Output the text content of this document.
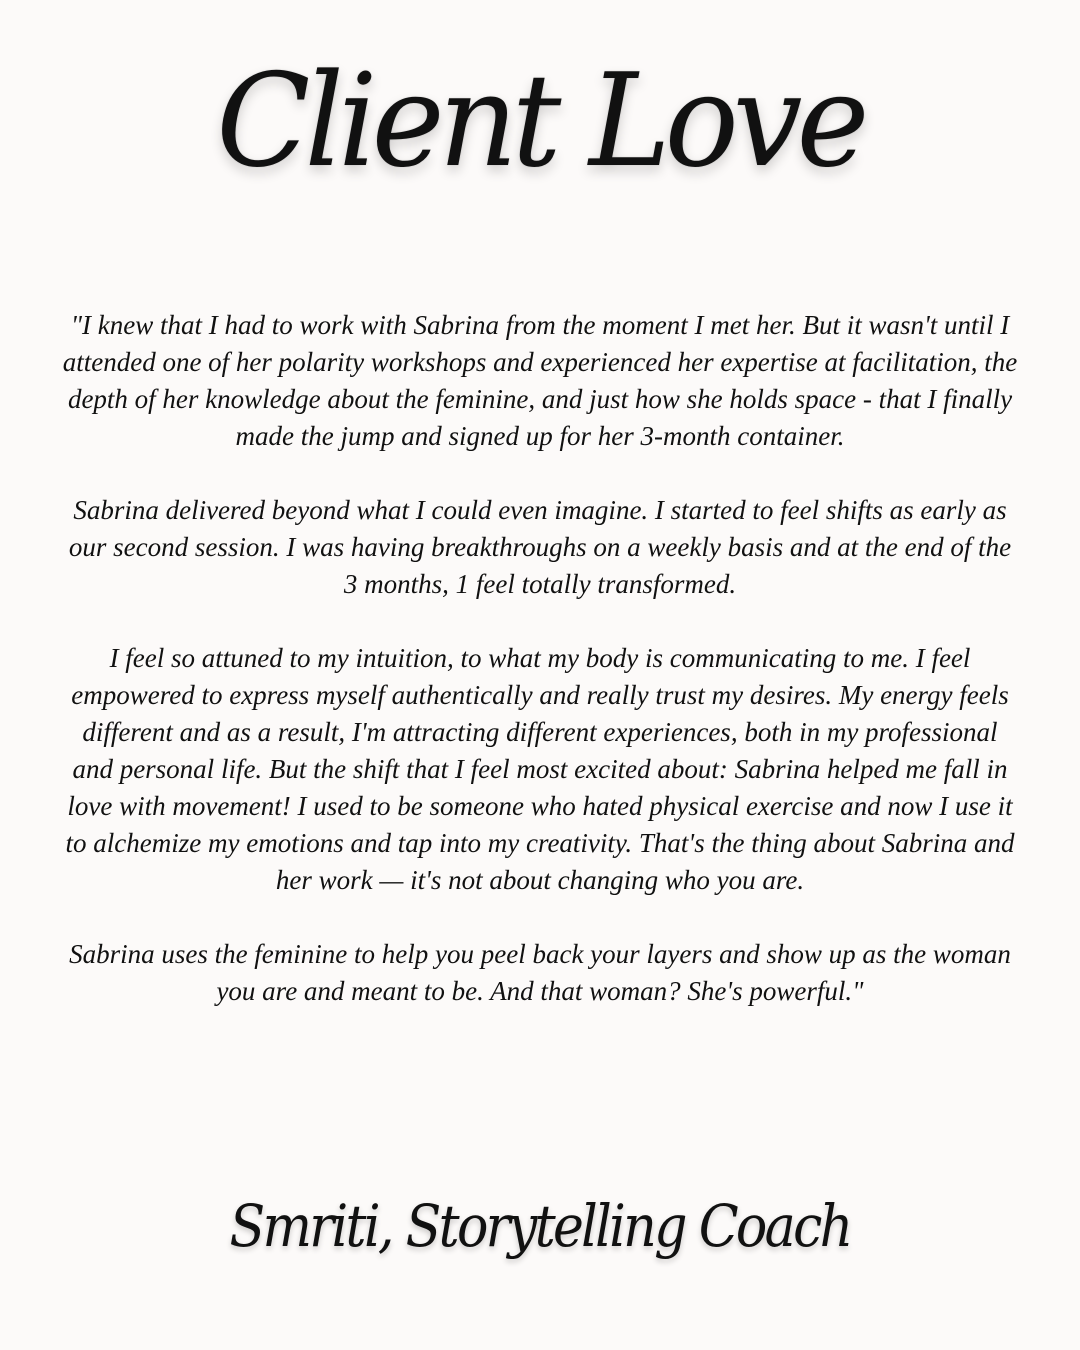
Client Love

"I knew that I had to work with Sabrina from the moment I met her. But it wasn't until I attended one of her polarity workshops and experienced her expertise at facilitation, the depth of her knowledge about the feminine, and just how she holds space - that I finally made the jump and signed up for her 3-month container.

Sabrina delivered beyond what I could even imagine. I started to feel shifts as early as our second session. I was having breakthroughs on a weekly basis and at the end of the 3 months, 1 feel totally transformed.

I feel so attuned to my intuition, to what my body is communicating to me. I feel empowered to express myself authentically and really trust my desires. My energy feels different and as a result, I'm attracting different experiences, both in my professional and personal life. But the shift that I feel most excited about: Sabrina helped me fall in love with movement! I used to be someone who hated physical exercise and now I use it to alchemize my emotions and tap into my creativity. That's the thing about Sabrina and her work — it's not about changing who you are.

Sabrina uses the feminine to help you peel back your layers and show up as the woman you are and meant to be. And that woman? She's powerful."

Smriti, Storytelling Coach
